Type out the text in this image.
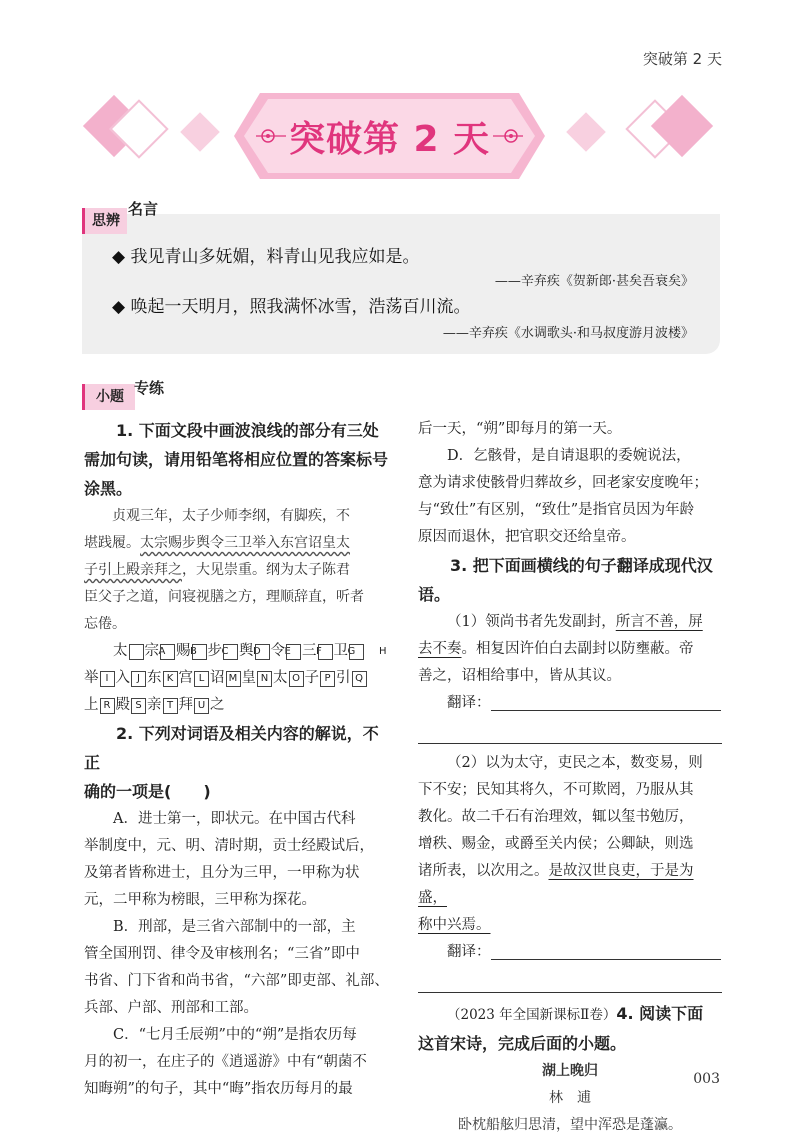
突破第 2 天
突破第 2 天
思辨
名言
◆ 我见青山多妩媚，料青山见我应如是。
——辛弃疾《贺新郎·甚矣吾衰矣》
◆ 唤起一天明月，照我满怀冰雪，浩荡百川流。
——辛弃疾《水调歌头·和马叔度游月波楼》
小题 专练

1. 下面文段中画波浪线的部分有三处

需加句读，请用铅笔将相应位置的答案标号

涂黑。

贞观三年，太子少师李纲，有脚疾，不

堪践履。太宗赐步舆令三卫举入东宫诏皇太

子引上殿亲拜之，大见崇重。纲为太子陈君

臣父子之道，问寝视膳之方，理顺辞直，听者

忘倦。

太	A宗	B赐	C步	D舆	E令	F三	G卫	H

举 I 入 J 东 K 宫 L 诏 M 皇 N 太 O 子 P 引 Q

上 R 殿 S 亲 T 拜 U 之

2. 下列对词语及相关内容的解说，不正

确的一项是(　　)

A．进士第一，即状元。在中国古代科

举制度中，元、明、清时期，贡士经殿试后，

及第者皆称进士，且分为三甲，一甲称为状

元，二甲称为榜眼，三甲称为探花。

B．刑部，是三省六部制中的一部，主

管全国刑罚、律令及审核刑名；“三省”即中

书省、门下省和尚书省，“六部”即吏部、礼部、

兵部、户部、刑部和工部。

C．“七月壬辰朔”中的“朔”是指农历每

月的初一，在庄子的《逍遥游》中有“朝菌不

知晦朔”的句子，其中“晦”指农历每月的最

后一天，“朔”即每月的第一天。

D．乞骸骨，是自请退职的委婉说法，

意为请求使骸骨归葬故乡，回老家安度晚年；

与“致仕”有区别，“致仕”是指官员因为年龄

原因而退休，把官职交还给皇帝。

3. 把下面画横线的句子翻译成现代汉语。

（1）领尚书者先发副封，所言不善，屏

去不奏。相复因许伯白去副封以防壅蔽。帝

善之，诏相给事中，皆从其议。

翻译：

（2）以为太守，吏民之本，数变易，则

下不安；民知其将久，不可欺罔，乃服从其

教化。故二千石有治理效，辄以玺书勉厉，

增秩、赐金，或爵至关内侯；公卿缺，则选

诸所表，以次用之。是故汉世良吏，于是为盛，

称中兴焉。

翻译：

（2023 年全国新课标Ⅱ卷）4. 阅读下面

这首宋诗，完成后面的小题。

湖上晚归

林　逋

卧枕船舷归思清，望中浑恐是蓬瀛。

003
